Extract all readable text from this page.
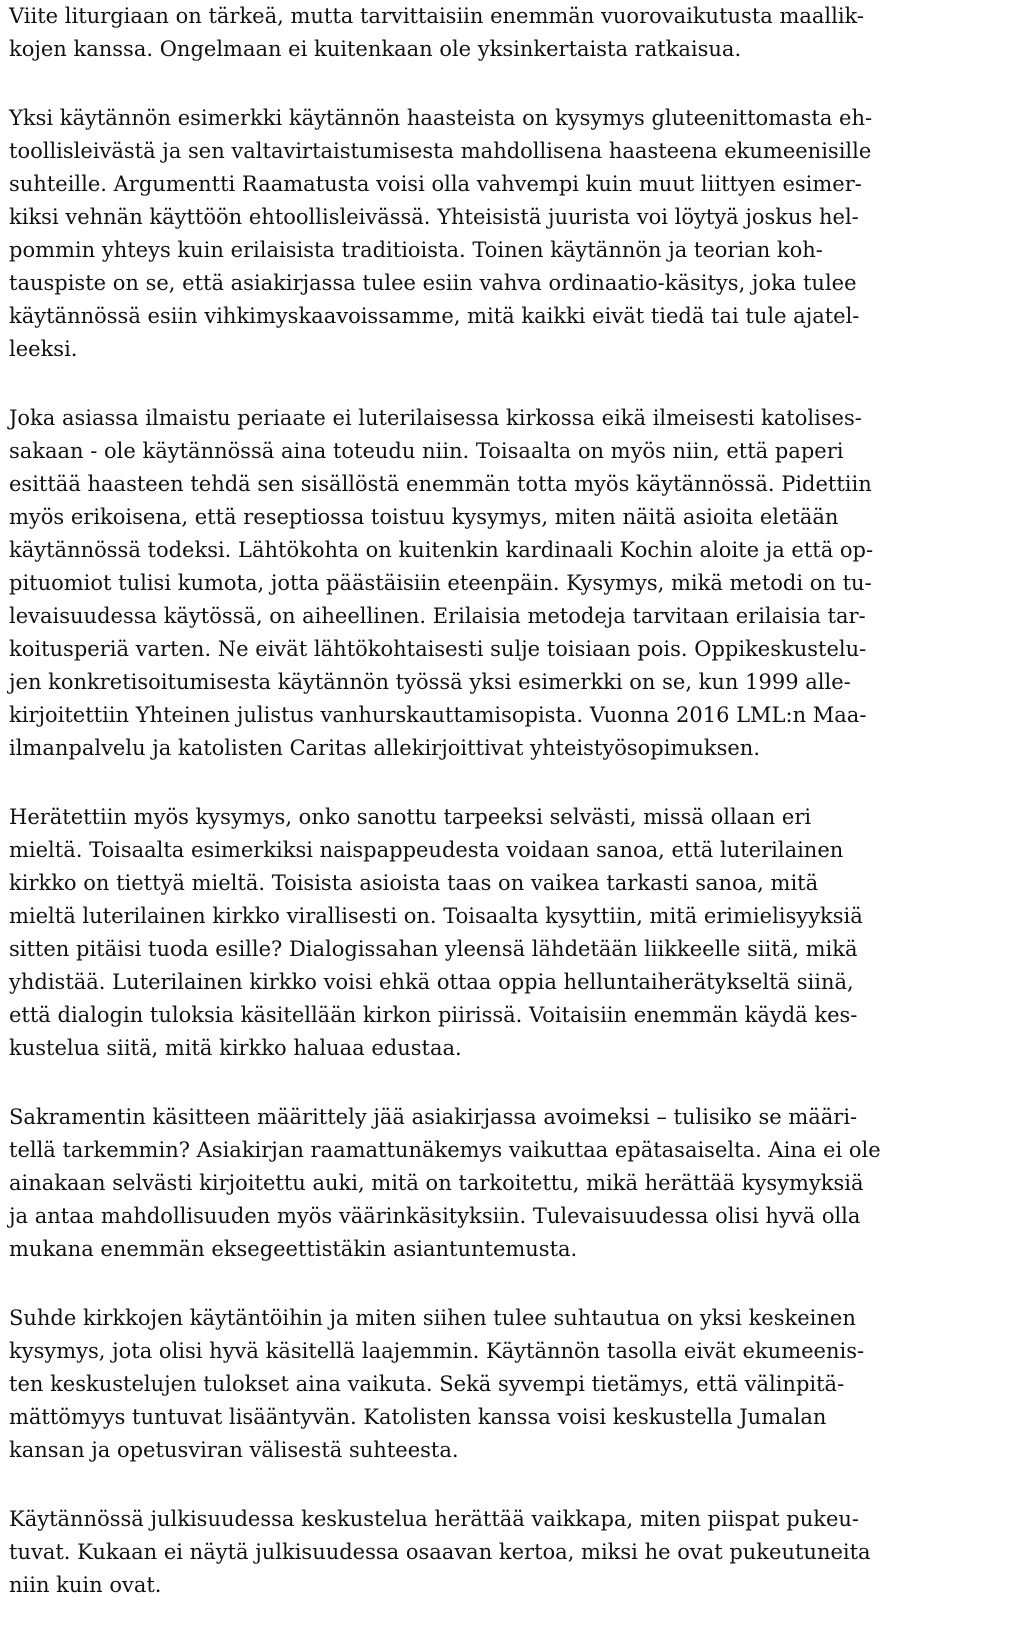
Viite liturgiaan on tärkeä, mutta tarvittaisiin enemmän vuorovaikutusta maallik-
kojen kanssa. Ongelmaan ei kuitenkaan ole yksinkertaista ratkaisua.

Yksi käytännön esimerkki käytännön haasteista on kysymys gluteenittomasta eh-
toollisleivästä ja sen valtavirtaistumisesta mahdollisena haasteena ekumeenisille
suhteille. Argumentti Raamatusta voisi olla vahvempi kuin muut liittyen esimer-
kiksi vehnän käyttöön ehtoollisleivässä. Yhteisistä juurista voi löytyä joskus hel-
pommin yhteys kuin erilaisista traditioista. Toinen käytännön ja teorian koh-
tauspiste on se, että asiakirjassa tulee esiin vahva ordinaatio-käsitys, joka tulee
käytännössä esiin vihkimyskaavoissamme, mitä kaikki eivät tiedä tai tule ajatel-
leeksi.

Joka asiassa ilmaistu periaate ei luterilaisessa kirkossa eikä ilmeisesti katolises-
sakaan - ole käytännössä aina toteudu niin. Toisaalta on myös niin, että paperi
esittää haasteen tehdä sen sisällöstä enemmän totta myös käytännössä. Pidettiin
myös erikoisena, että reseptiossa toistuu kysymys, miten näitä asioita eletään
käytännössä todeksi. Lähtökohta on kuitenkin kardinaali Kochin aloite ja että op-
pituomiot tulisi kumota, jotta päästäisiin eteenpäin. Kysymys, mikä metodi on tu-
levaisuudessa käytössä, on aiheellinen. Erilaisia metodeja tarvitaan erilaisia tar-
koitusperiä varten. Ne eivät lähtökohtaisesti sulje toisiaan pois. Oppikeskustelu-
jen konkretisoitumisesta käytännön työssä yksi esimerkki on se, kun 1999 alle-
kirjoitettiin Yhteinen julistus vanhurskauttamisopista. Vuonna 2016 LML:n Maa-
ilmanpalvelu ja katolisten Caritas allekirjoittivat yhteistyösopimuksen.

Herätettiin myös kysymys, onko sanottu tarpeeksi selvästi, missä ollaan eri
mieltä. Toisaalta esimerkiksi naispappeudesta voidaan sanoa, että luterilainen
kirkko on tiettyä mieltä. Toisista asioista taas on vaikea tarkasti sanoa, mitä
mieltä luterilainen kirkko virallisesti on. Toisaalta kysyttiin, mitä erimielisyyksiä
sitten pitäisi tuoda esille? Dialogissahan yleensä lähdetään liikkeelle siitä, mikä
yhdistää. Luterilainen kirkko voisi ehkä ottaa oppia helluntaiherätykseltä siinä,
että dialogin tuloksia käsitellään kirkon piirissä. Voitaisiin enemmän käydä kes-
kustelua siitä, mitä kirkko haluaa edustaa.

Sakramentin käsitteen määrittely jää asiakirjassa avoimeksi – tulisiko se määri-
tellä tarkemmin? Asiakirjan raamattunäkemys vaikuttaa epätasaiselta. Aina ei ole
ainakaan selvästi kirjoitettu auki, mitä on tarkoitettu, mikä herättää kysymyksiä
ja antaa mahdollisuuden myös väärinkäsityksiin. Tulevaisuudessa olisi hyvä olla
mukana enemmän eksegeettistäkin asiantuntemusta.

Suhde kirkkojen käytäntöihin ja miten siihen tulee suhtautua on yksi keskeinen
kysymys, jota olisi hyvä käsitellä laajemmin. Käytännön tasolla eivät ekumeenis-
ten keskustelujen tulokset aina vaikuta. Sekä syvempi tietämys, että välinpitä-
mättömyys tuntuvat lisääntyvän. Katolisten kanssa voisi keskustella Jumalan
kansan ja opetusviran välisestä suhteesta.

Käytännössä julkisuudessa keskustelua herättää vaikkapa, miten piispat pukeu-
tuvat. Kukaan ei näytä julkisuudessa osaavan kertoa, miksi he ovat pukeutuneita
niin kuin ovat.
